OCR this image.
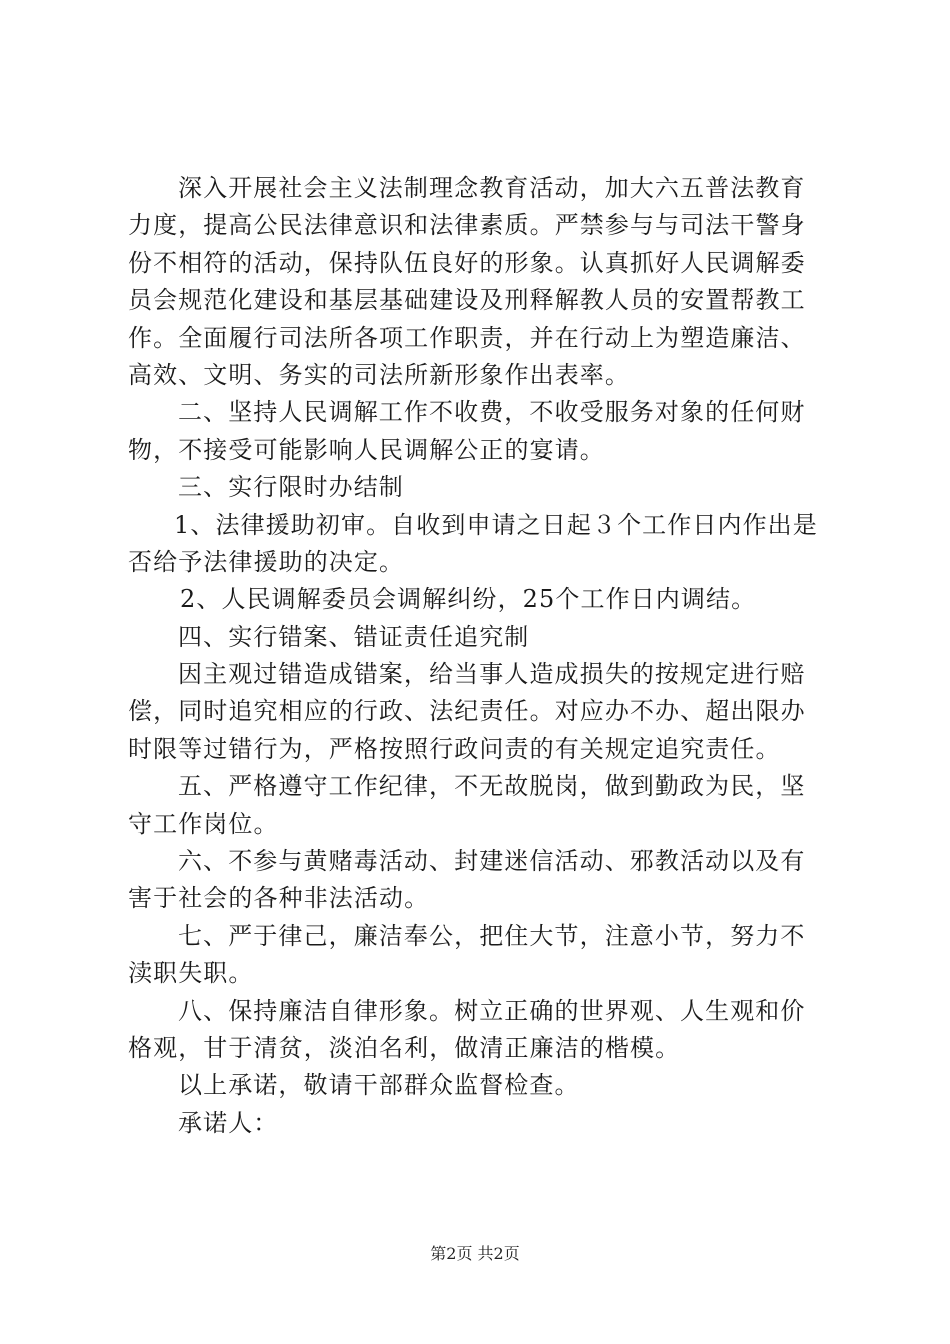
深入开展社会主义法制理念教育活动，加大六五普法教育
力度，提高公民法律意识和法律素质。严禁参与与司法干警身
份不相符的活动，保持队伍良好的形象。认真抓好人民调解委
员会规范化建设和基层基础建设及刑释解教人员的安置帮教工
作。全面履行司法所各项工作职责，并在行动上为塑造廉洁、
高效、文明、务实的司法所新形象作出表率。
二、坚持人民调解工作不收费，不收受服务对象的任何财
物，不接受可能影响人民调解公正的宴请。
三、实行限时办结制
1、法律援助初审。自收到申请之日起３个工作日内作出是
否给予法律援助的决定。
2、人民调解委员会调解纠纷，25个工作日内调结。
四、实行错案、错证责任追究制
因主观过错造成错案，给当事人造成损失的按规定进行赔
偿，同时追究相应的行政、法纪责任。对应办不办、超出限办
时限等过错行为，严格按照行政问责的有关规定追究责任。
五、严格遵守工作纪律，不无故脱岗，做到勤政为民，坚
守工作岗位。
六、不参与黄赌毒活动、封建迷信活动、邪教活动以及有
害于社会的各种非法活动。
七、严于律己，廉洁奉公，把住大节，注意小节，努力不
渎职失职。
八、保持廉洁自律形象。树立正确的世界观、人生观和价
格观，甘于清贫，淡泊名利，做清正廉洁的楷模。
以上承诺，敬请干部群众监督检查。
承诺人：
第2页 共2页
